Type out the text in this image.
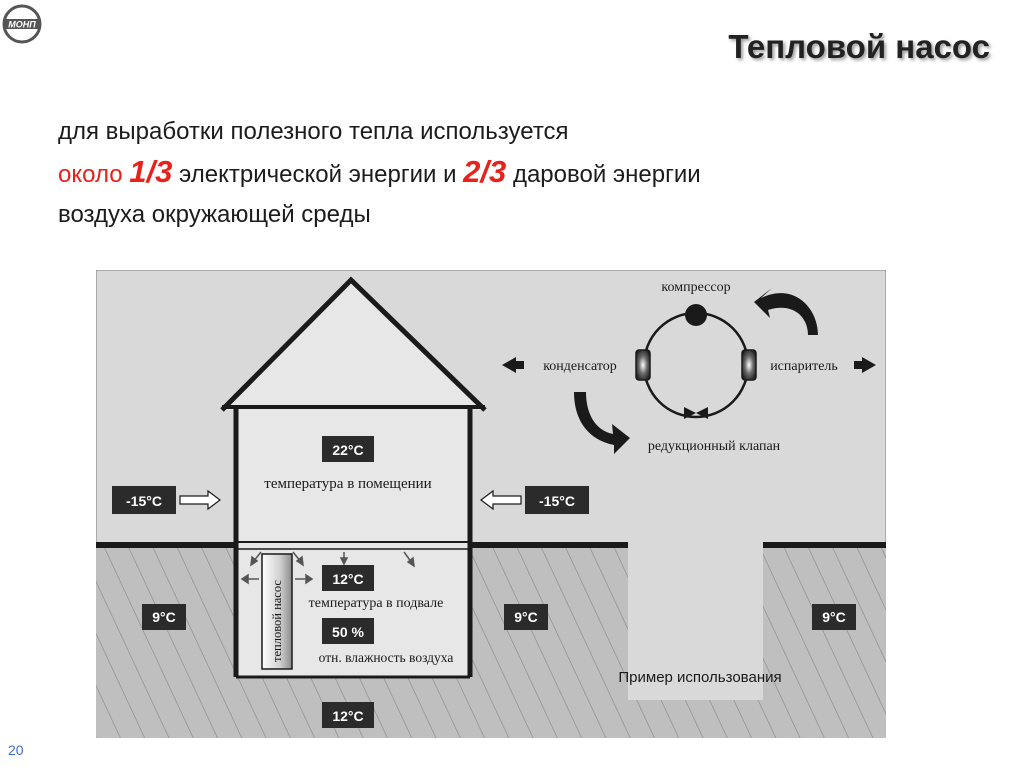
МОНП
Тепловой насос
для выработки полезного тепла используется
около 1/3 электрической энергии и 2/3 даровой энергии
воздуха окружающей среды
22°C
температура в помещении
-15°C	-15°C
тепловой насос
12°C
температура в подвале
50 %
отн. влажность воздуха
9°C	9°C	9°C
12°C
Пример использования
компрессор
конденсатор	испаритель
редукционный клапан
20
